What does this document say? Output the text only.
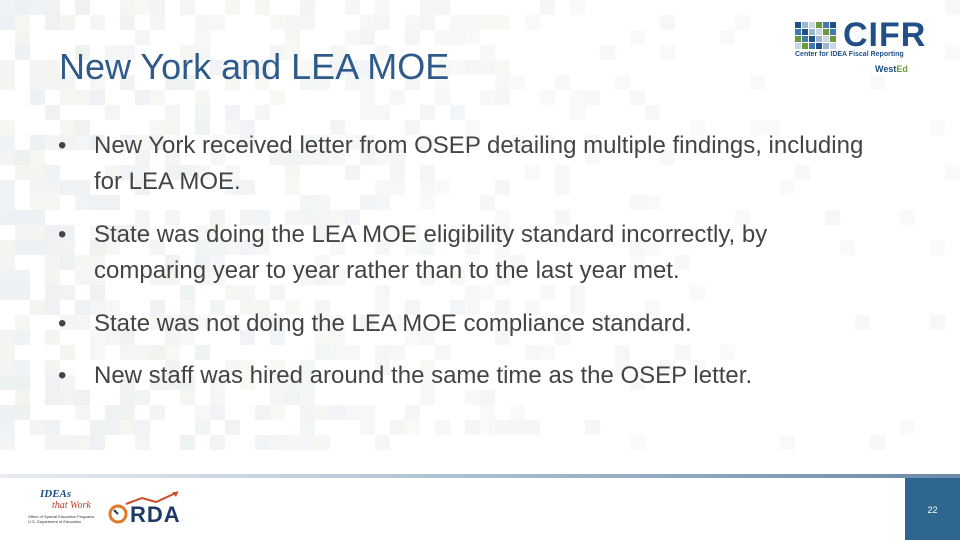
New York and LEA MOE
CIFR
Center for IDEA Fiscal Reporting
WestEd
• New York received letter from OSEP detailing multiple findings, including for LEA MOE.
• State was doing the LEA MOE eligibility standard incorrectly, by comparing year to year rather than to the last year met.
• State was not doing the LEA MOE compliance standard.
• New staff was hired around the same time as the OSEP letter.
IDEAs
that Work
Office of Special Education Programs
U.S. Department of Education	RDA	22
